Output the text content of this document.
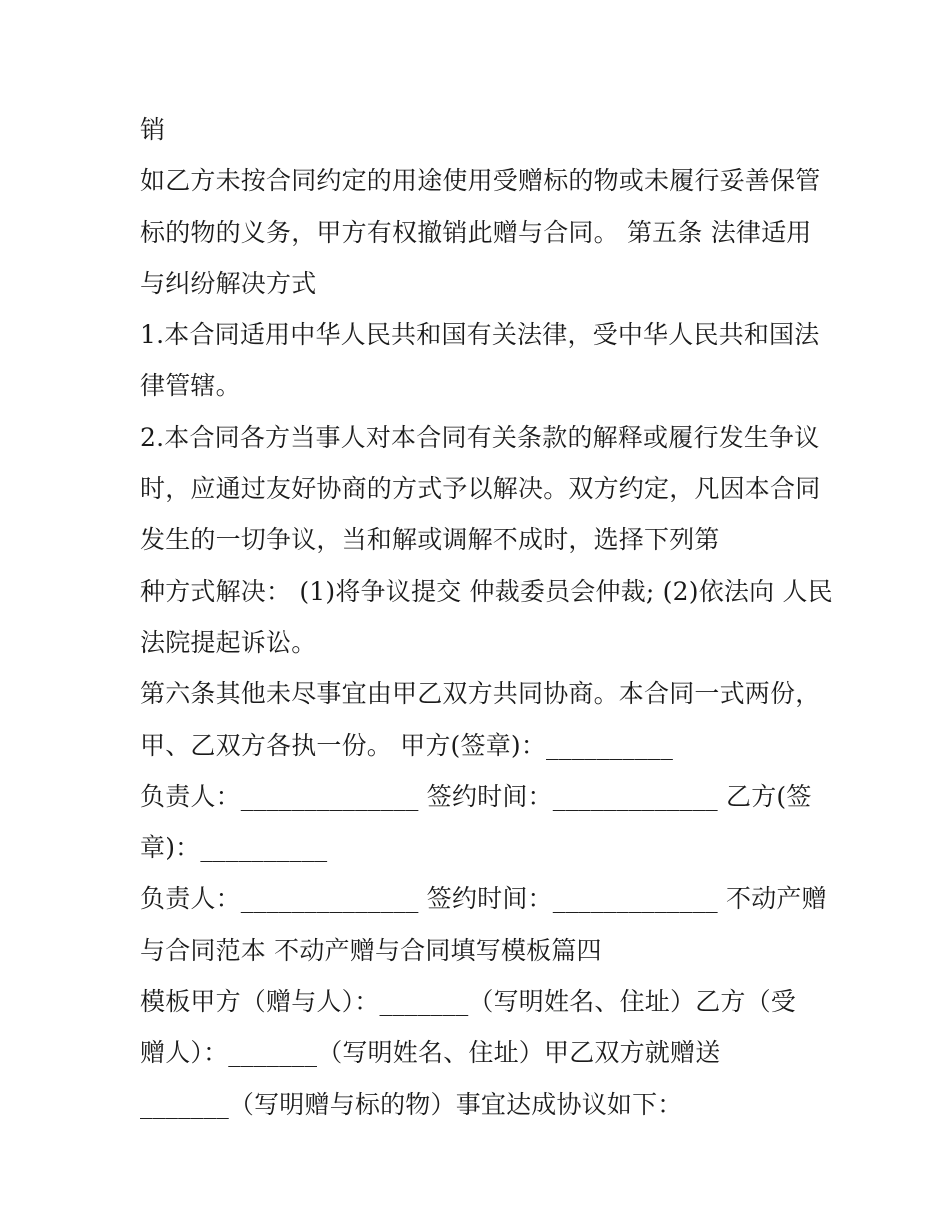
销
如乙方未按合同约定的用途使用受赠标的物或未履行妥善保管
标的物的义务，甲方有权撤销此赠与合同。 第五条 法律适用
与纠纷解决方式
1.本合同适用中华人民共和国有关法律，受中华人民共和国法
律管辖。
2.本合同各方当事人对本合同有关条款的解释或履行发生争议
时，应通过友好协商的方式予以解决。双方约定，凡因本合同
发生的一切争议，当和解或调解不成时，选择下列第
种方式解决： (1)将争议提交 仲裁委员会仲裁; (2)依法向 人民
法院提起诉讼。
第六条其他未尽事宜由甲乙双方共同协商。本合同一式两份，
甲、乙双方各执一份。 甲方(签章)：__________
负责人：______________ 签约时间：_____________ 乙方(签
章)：__________
负责人：______________ 签约时间：_____________ 不动产赠
与合同范本 不动产赠与合同填写模板篇四
模板甲方（赠与人）：_______（写明姓名、住址）乙方（受
赠人）：_______（写明姓名、住址）甲乙双方就赠送
_______（写明赠与标的物）事宜达成协议如下：
